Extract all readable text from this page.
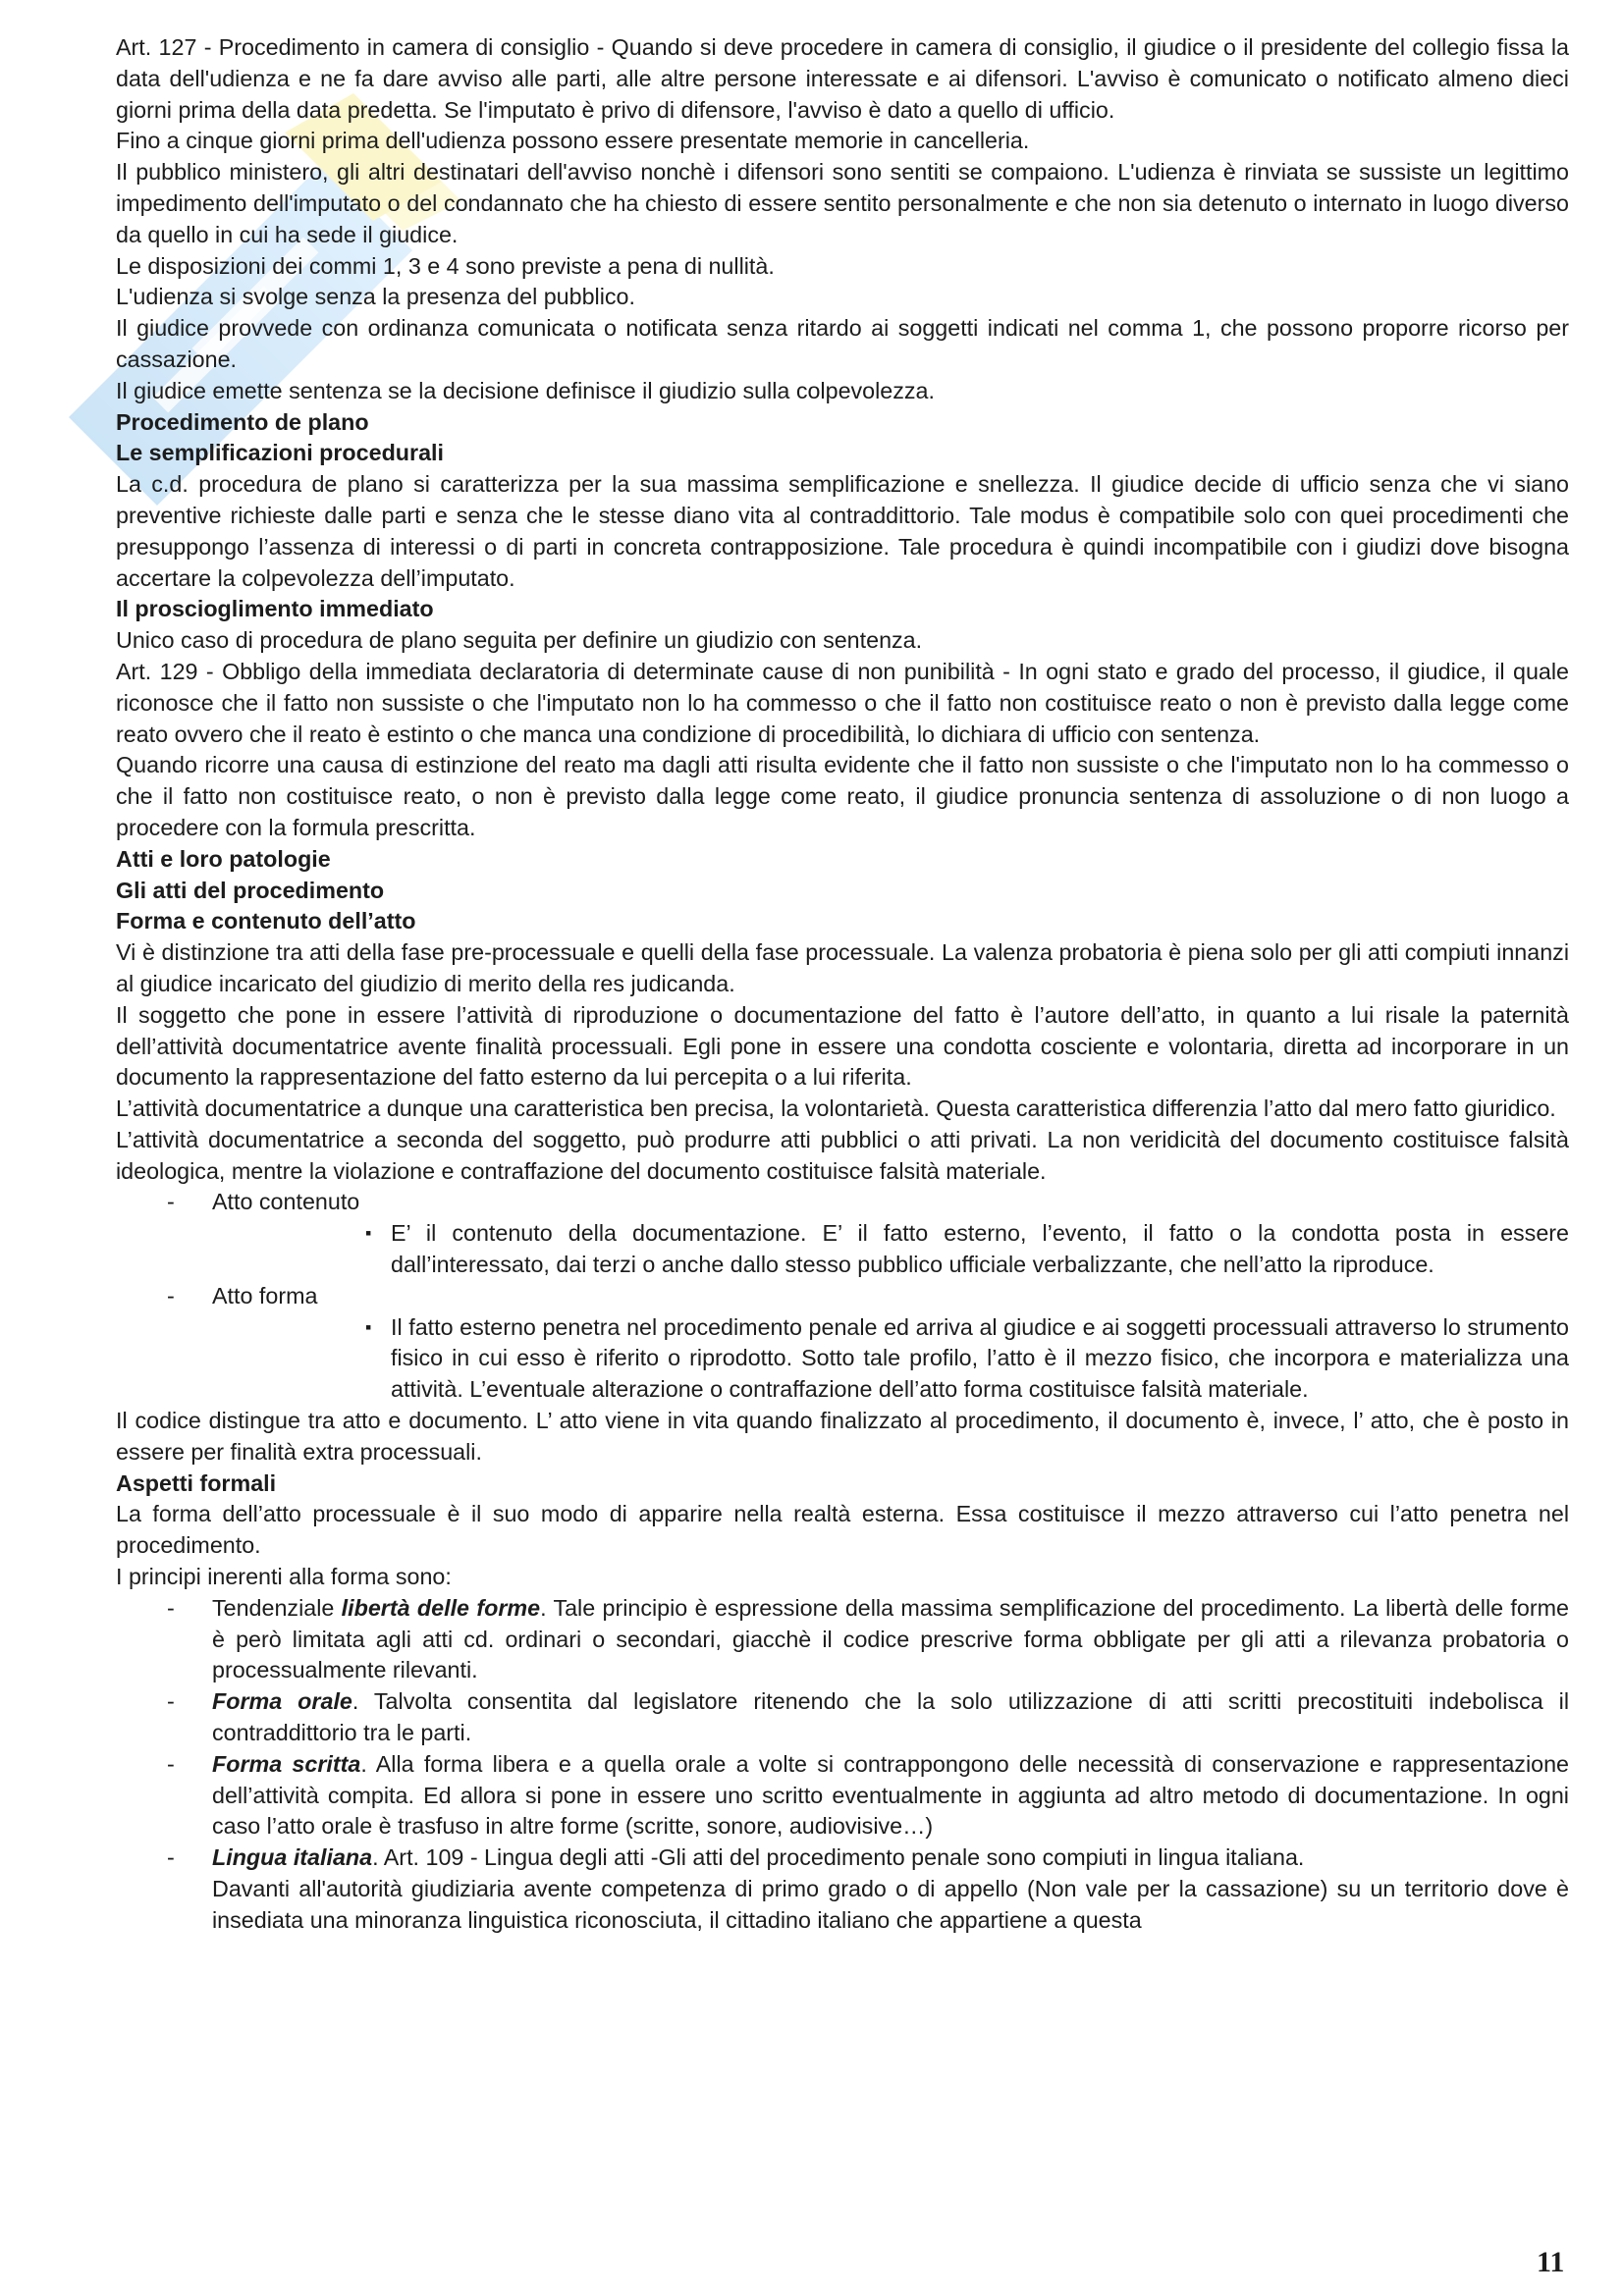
Art. 127 - Procedimento in camera di consiglio - Quando si deve procedere in camera di consiglio, il giudice o il presidente del collegio fissa la data dell'udienza e ne fa dare avviso alle parti, alle altre persone interessate e ai difensori. L'avviso è comunicato o notificato almeno dieci giorni prima della data predetta. Se l'imputato è privo di difensore, l'avviso è dato a quello di ufficio.

Fino a cinque giorni prima dell'udienza possono essere presentate memorie in cancelleria.

Il pubblico ministero, gli altri destinatari dell'avviso nonchè i difensori sono sentiti se compaiono. L'udienza è rinviata se sussiste un legittimo impedimento dell'imputato o del condannato che ha chiesto di essere sentito personalmente e che non sia detenuto o internato in luogo diverso da quello in cui ha sede il giudice.

Le disposizioni dei commi 1, 3 e 4 sono previste a pena di nullità.

L'udienza si svolge senza la presenza del pubblico.

Il giudice provvede con ordinanza comunicata o notificata senza ritardo ai soggetti indicati nel comma 1, che possono proporre ricorso per cassazione.

Il giudice emette sentenza se la decisione definisce il giudizio sulla colpevolezza.

Procedimento de plano
Le semplificazioni procedurali

La c.d. procedura de plano si caratterizza per la sua massima semplificazione e snellezza. Il giudice decide di ufficio senza che vi siano preventive richieste dalle parti e senza che le stesse diano vita al contraddittorio. Tale modus è compatibile solo con quei procedimenti che presuppongo l’assenza di interessi o di parti in concreta contrapposizione. Tale procedura è quindi incompatibile con i giudizi dove bisogna accertare la colpevolezza dell’imputato.

Il proscioglimento immediato

Unico caso di procedura de plano seguita per definire un giudizio con sentenza.

Art. 129 - Obbligo della immediata declaratoria di determinate cause di non punibilità - In ogni stato e grado del processo, il giudice, il quale riconosce che il fatto non sussiste o che l'imputato non lo ha commesso o che il fatto non costituisce reato o non è previsto dalla legge come reato ovvero che il reato è estinto o che manca una condizione di procedibilità, lo dichiara di ufficio con sentenza.

Quando ricorre una causa di estinzione del reato ma dagli atti risulta evidente che il fatto non sussiste o che l'imputato non lo ha commesso o che il fatto non costituisce reato, o non è previsto dalla legge come reato, il giudice pronuncia sentenza di assoluzione o di non luogo a procedere con la formula prescritta.

Atti e loro patologie
Gli atti del procedimento
Forma e contenuto dell’atto

Vi è distinzione tra atti della fase pre-processuale e quelli della fase processuale. La valenza probatoria è piena solo per gli atti compiuti innanzi al giudice incaricato del giudizio di merito della res judicanda.

Il soggetto che pone in essere l’attività di riproduzione o documentazione del fatto è l’autore dell’atto, in quanto a lui risale la paternità dell’attività documentatrice avente finalità processuali. Egli pone in essere una condotta cosciente e volontaria, diretta ad incorporare in un documento la rappresentazione del fatto esterno da lui percepita o a lui riferita.

L’attività documentatrice a dunque una caratteristica ben precisa, la volontarietà. Questa caratteristica differenzia l’atto dal mero fatto giuridico.

L’attività documentatrice a seconda del soggetto, può produrre atti pubblici o atti privati. La non veridicità del documento costituisce falsità ideologica, mentre la violazione e contraffazione del documento costituisce falsità materiale.

-	Atto contenuto
▪ E’ il contenuto della documentazione. E’ il fatto esterno, l’evento, il fatto o la condotta posta in essere dall’interessato, dai terzi o anche dallo stesso pubblico ufficiale verbalizzante, che nell’atto la riproduce.
-	Atto forma
▪ Il fatto esterno penetra nel procedimento penale ed arriva al giudice e ai soggetti processuali attraverso lo strumento fisico in cui esso è riferito o riprodotto. Sotto tale profilo, l’atto è il mezzo fisico, che incorpora e materializza una attività. L’eventuale alterazione o contraffazione dell’atto forma costituisce falsità materiale.

Il codice distingue tra atto e documento. L’ atto viene in vita quando finalizzato al procedimento, il documento è, invece, l’ atto, che è posto in essere per finalità extra processuali.

Aspetti formali

La forma dell’atto processuale è il suo modo di apparire nella realtà esterna. Essa costituisce il mezzo attraverso cui l’atto penetra nel procedimento.

I principi inerenti alla forma sono:

-	Tendenziale libertà delle forme. Tale principio è espressione della massima semplificazione del procedimento. La libertà delle forme è però limitata agli atti cd. ordinari o secondari, giacchè il codice prescrive forma obbligate per gli atti a rilevanza probatoria o processualmente rilevanti.
-	Forma orale. Talvolta consentita dal legislatore ritenendo che la solo utilizzazione di atti scritti precostituiti indebolisca il contraddittorio tra le parti.
-	Forma scritta. Alla forma libera e a quella orale a volte si contrappongono delle necessità di conservazione e rappresentazione dell’attività compita. Ed allora si pone in essere uno scritto eventualmente in aggiunta ad altro metodo di documentazione. In ogni caso l’atto orale è trasfuso in altre forme (scritte, sonore, audiovisive…)
-	Lingua italiana. Art. 109 - Lingua degli atti -Gli atti del procedimento penale sono compiuti in lingua italiana.
Davanti all'autorità giudiziaria avente competenza di primo grado o di appello (Non vale per la cassazione) su un territorio dove è insediata una minoranza linguistica riconosciuta, il cittadino italiano che appartiene a questa
11
